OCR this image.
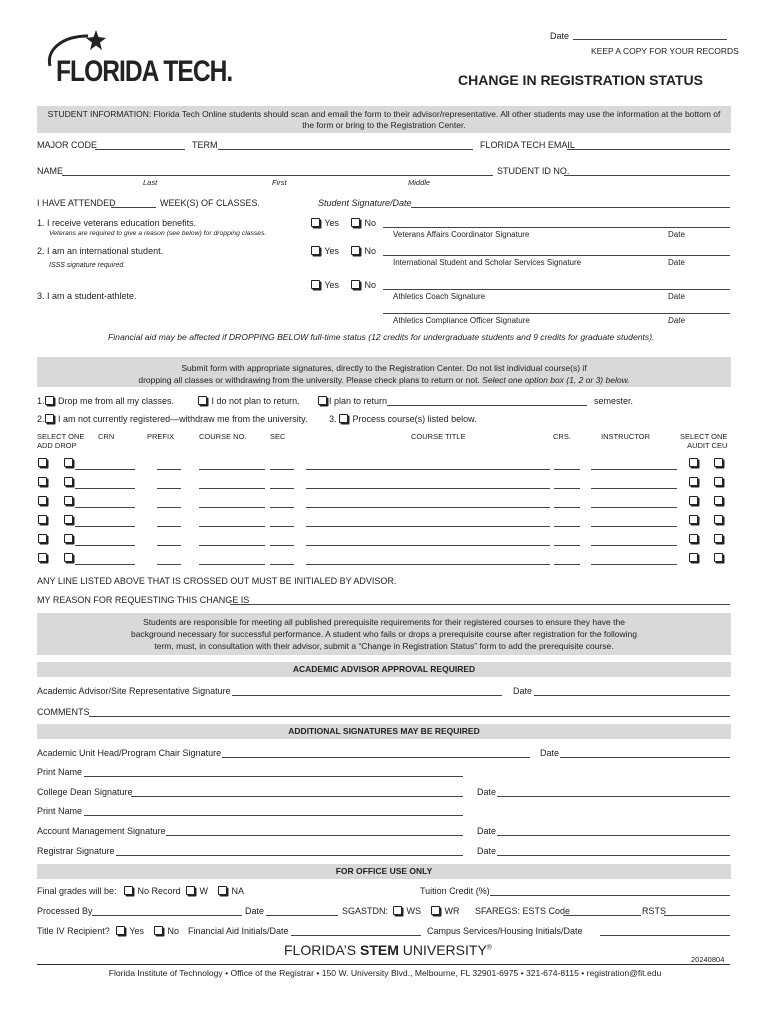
Date
KEEP A COPY FOR YOUR RECORDS
FLORIDA TECH.	CHANGE IN REGISTRATION STATUS
STUDENT INFORMATION: Florida Tech Online students should scan and email the form to their advisor/representative. All other students may use the information at the bottom of the form or bring to the Registration Center.
MAJOR CODE	TERM	FLORIDA TECH EMAIL
NAME	STUDENT ID NO.
Last	First	Middle
I HAVE ATTENDED	WEEK(S) OF CLASSES.	Student Signature/Date
1. I receive veterans education benefits.
Veterans are required to give a reason (see below) for dropping classes.
Yes	No
Veterans Affairs Coordinator Signature	Date
2. I am an international student.
ISSS signature required.
Yes	No
International Student and Scholar Services Signature	Date
Yes	No
Athletics Coach Signature	Date
3. I am a student-athlete.
Athletics Compliance Officer Signature	Date
Financial aid may be affected if DROPPING BELOW full-time status (12 credits for undergraduate students and 9 credits for graduate students).
Submit form with appropriate signatures, directly to the Registration Center. Do not list individual course(s) if
dropping all classes or withdrawing from the university. Please check plans to return or not. Select one option box (1, 2 or 3) below.
1. Drop me from all my classes.	I do not plan to return.	I plan to return	semester.
2. I am not currently registered—withdraw me from the university. 3. Process course(s) listed below.
SELECT ONE
ADD DROP
CRN	PREFIX	COURSE NO.	SEC	COURSE TITLE	CRS.	INSTRUCTOR	SELECT ONE
AUDIT CEU
ANY LINE LISTED ABOVE THAT IS CROSSED OUT MUST BE INITIALED BY ADVISOR.
MY REASON FOR REQUESTING THIS CHANGE IS
Students are responsible for meeting all published prerequisite requirements for their registered courses to ensure they have the
background necessary for successful performance. A student who fails or drops a prerequisite course after registration for the following
term, must, in consultation with their advisor, submit a “Change in Registration Status” form to add the prerequisite course.
ACADEMIC ADVISOR APPROVAL REQUIRED
Academic Advisor/Site Representative Signature	Date
COMMENTS
ADDITIONAL SIGNATURES MAY BE REQUIRED
Academic Unit Head/Program Chair Signature	Date
Print Name
College Dean Signature	Date
Print Name
Account Management Signature	Date
Registrar Signature	Date
FOR OFFICE USE ONLY
Final grades will be:	No Record	W	NA	Tuition Credit (%)
Processed By	Date	SGASTDN:	WS	WR SFAREGS: ESTS Code	RSTS
Title IV Recipient?	Yes	No Financial Aid Initials/Date	Campus Services/Housing Initials/Date
FLORIDA’S STEM UNIVERSITY®
20240804
Florida Institute of Technology • Office of the Registrar • 150 W. University Blvd., Melbourne, FL 32901-6975 • 321-674-8115 • registration@fit.edu
